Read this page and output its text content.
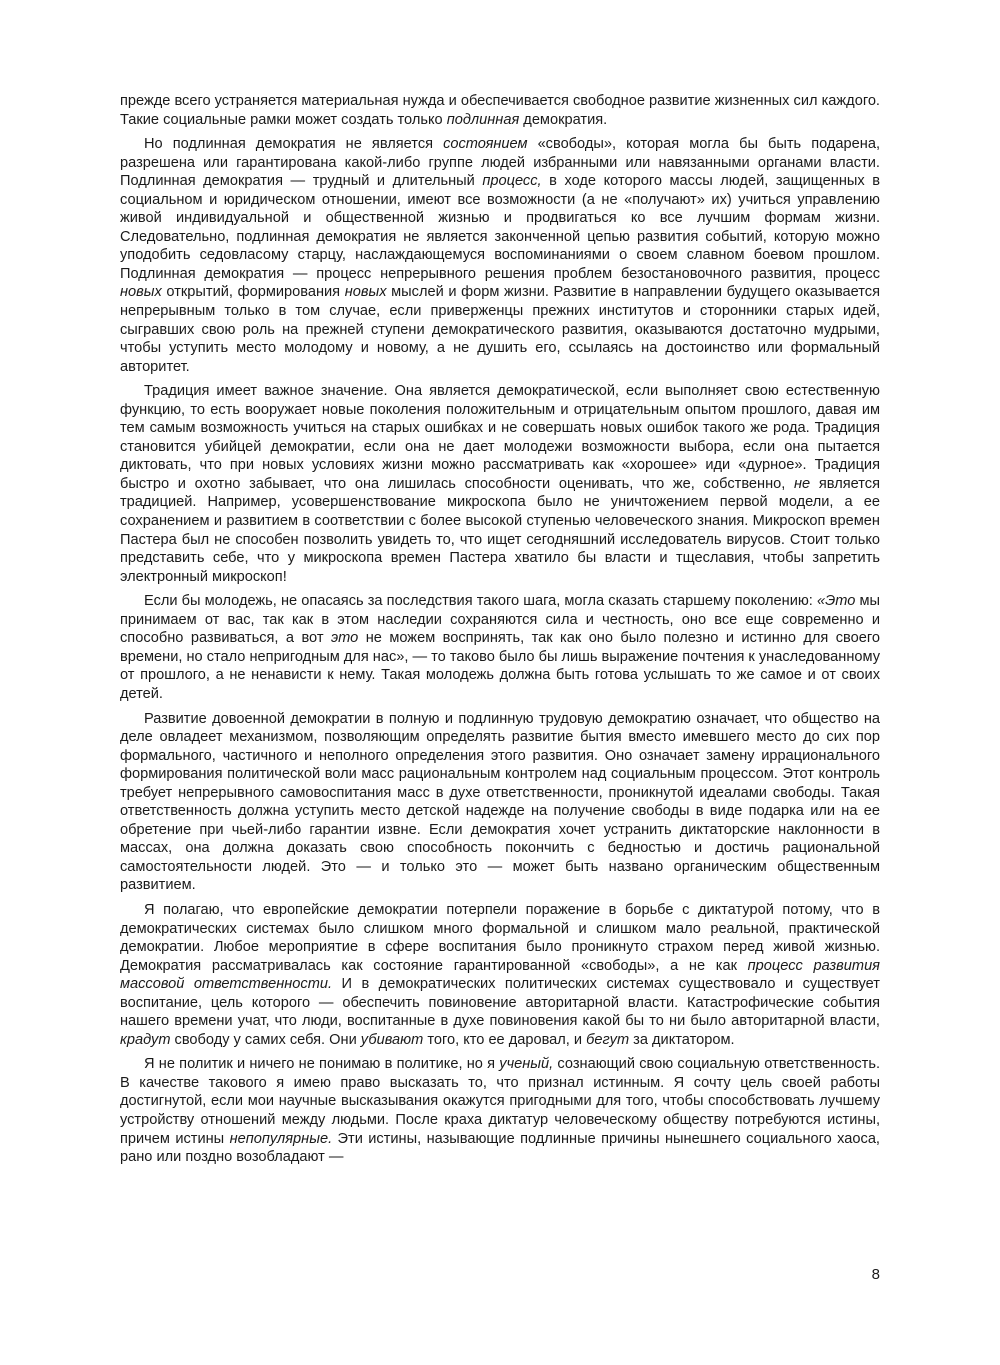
прежде всего устраняется материальная нужда и обеспечивается свободное развитие жизненных сил каждого. Такие социальные рамки может создать только подлинная демократия.

Но подлинная демократия не является состоянием «свободы», которая могла бы быть подарена, разрешена или гарантирована какой-либо группе людей избранными или навязанными органами власти. Подлинная демократия — трудный и длительный процесс, в ходе которого массы людей, защищенных в социальном и юридическом отношении, имеют все возможности (а не «получают» их) учиться управлению живой индивидуальной и общественной жизнью и продвигаться ко все лучшим формам жизни. Следовательно, подлинная демократия не является законченной цепью развития событий, которую можно уподобить седовласому старцу, наслаждающемуся воспоминаниями о своем славном боевом прошлом. Подлинная демократия — процесс непрерывного решения проблем безостановочного развития, процесс новых открытий, формирования новых мыслей и форм жизни. Развитие в направлении будущего оказывается непрерывным только в том случае, если приверженцы прежних институтов и сторонники старых идей, сыгравших свою роль на прежней ступени демократического развития, оказываются достаточно мудрыми, чтобы уступить место молодому и новому, а не душить его, ссылаясь на достоинство или формальный авторитет.

Традиция имеет важное значение. Она является демократической, если выполняет свою естественную функцию, то есть вооружает новые поколения положительным и отрицательным опытом прошлого, давая им тем самым возможность учиться на старых ошибках и не совершать новых ошибок такого же рода. Традиция становится убийцей демократии, если она не дает молодежи возможности выбора, если она пытается диктовать, что при новых условиях жизни можно рассматривать как «хорошее» иди «дурное». Традиция быстро и охотно забывает, что она лишилась способности оценивать, что же, собственно, не является традицией. Например, усовершенствование микроскопа было не уничтожением первой модели, а ее сохранением и развитием в соответствии с более высокой ступенью человеческого знания. Микроскоп времен Пастера был не способен позволить увидеть то, что ищет сегодняшний исследователь вирусов. Стоит только представить себе, что у микроскопа времен Пастера хватило бы власти и тщеславия, чтобы запретить электронный микроскоп!

Если бы молодежь, не опасаясь за последствия такого шага, могла сказать старшему поколению: «Это мы принимаем от вас, так как в этом наследии сохраняются сила и честность, оно все еще современно и способно развиваться, а вот это не можем воспринять, так как оно было полезно и истинно для своего времени, но стало непригодным для нас», — то таково было бы лишь выражение почтения к унаследованному от прошлого, а не ненависти к нему. Такая молодежь должна быть готова услышать то же самое и от своих детей.

Развитие довоенной демократии в полную и подлинную трудовую демократию означает, что общество на деле овладеет механизмом, позволяющим определять развитие бытия вместо имевшего место до сих пор формального, частичного и неполного определения этого развития. Оно означает замену иррационального формирования политической воли масс рациональным контролем над социальным процессом. Этот контроль требует непрерывного самовоспитания масс в духе ответственности, проникнутой идеалами свободы. Такая ответственность должна уступить место детской надежде на получение свободы в виде подарка или на ее обретение при чьей-либо гарантии извне. Если демократия хочет устранить диктаторские наклонности в массах, она должна доказать свою способность покончить с бедностью и достичь рациональной самостоятельности людей. Это — и только это — может быть названо органическим общественным развитием.

Я полагаю, что европейские демократии потерпели поражение в борьбе с диктатурой потому, что в демократических системах было слишком много формальной и слишком мало реальной, практической демократии. Любое мероприятие в сфере воспитания было проникнуто страхом перед живой жизнью. Демократия рассматривалась как состояние гарантированной «свободы», а не как процесс развития массовой ответственности. И в демократических политических системах существовало и существует воспитание, цель которого — обеспечить повиновение авторитарной власти. Катастрофические события нашего времени учат, что люди, воспитанные в духе повиновения какой бы то ни было авторитарной власти, крадут свободу у самих себя. Они убивают того, кто ее даровал, и бегут за диктатором.

Я не политик и ничего не понимаю в политике, но я ученый, сознающий свою социальную ответственность. В качестве такового я имею право высказать то, что признал истинным. Я сочту цель своей работы достигнутой, если мои научные высказывания окажутся пригодными для того, чтобы способствовать лучшему устройству отношений между людьми. После краха диктатур человеческому обществу потребуются истины, причем истины непопулярные. Эти истины, называющие подлинные причины нынешнего социального хаоса, рано или поздно возобладают —

8
